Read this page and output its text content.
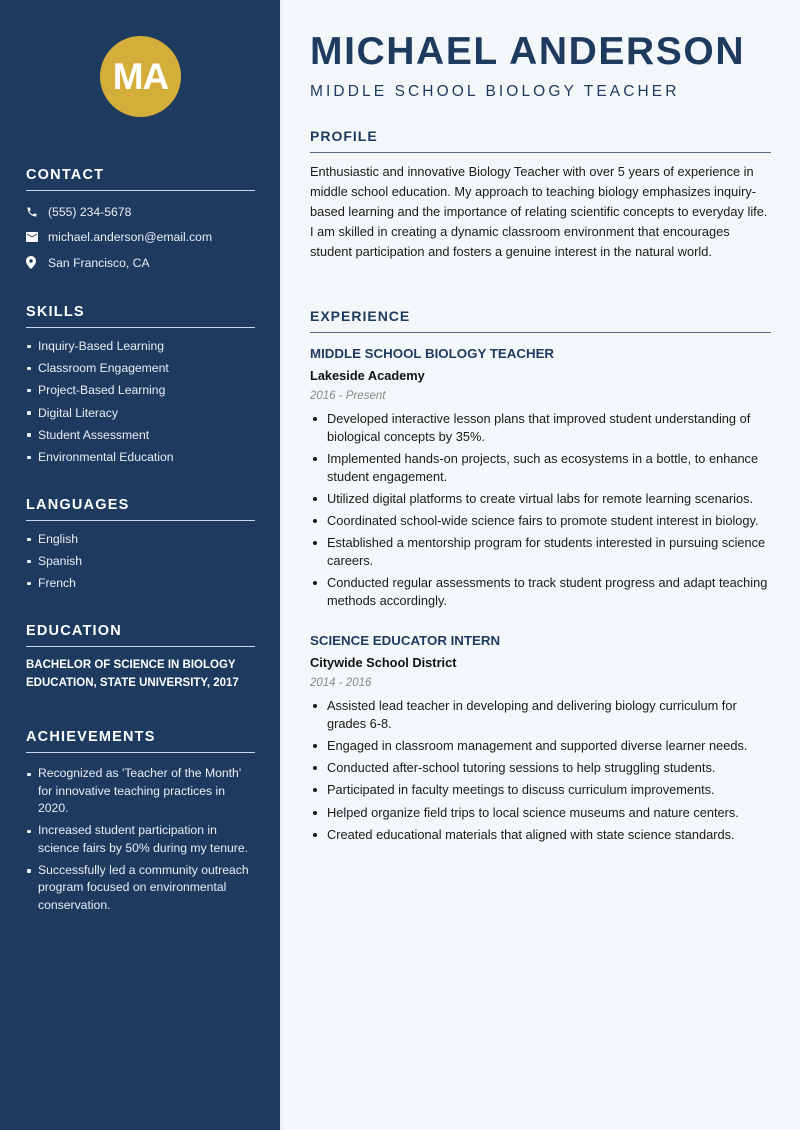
MA
CONTACT
(555) 234-5678
michael.anderson@email.com
San Francisco, CA
SKILLS
Inquiry-Based Learning
Classroom Engagement
Project-Based Learning
Digital Literacy
Student Assessment
Environmental Education
LANGUAGES
English
Spanish
French
EDUCATION

BACHELOR OF SCIENCE IN BIOLOGY EDUCATION, STATE UNIVERSITY, 2017

ACHIEVEMENTS
Recognized as 'Teacher of the Month' for innovative teaching practices in 2020.
Increased student participation in science fairs by 50% during my tenure.
Successfully led a community outreach program focused on environmental conservation.
MICHAEL ANDERSON
MIDDLE SCHOOL BIOLOGY TEACHER
PROFILE

Enthusiastic and innovative Biology Teacher with over 5 years of experience in middle school education. My approach to teaching biology emphasizes inquiry-based learning and the importance of relating scientific concepts to everyday life. I am skilled in creating a dynamic classroom environment that encourages student participation and fosters a genuine interest in the natural world.

EXPERIENCE
MIDDLE SCHOOL BIOLOGY TEACHER
Lakeside Academy
2016 - Present
Developed interactive lesson plans that improved student understanding of biological concepts by 35%.
Implemented hands-on projects, such as ecosystems in a bottle, to enhance student engagement.
Utilized digital platforms to create virtual labs for remote learning scenarios.
Coordinated school-wide science fairs to promote student interest in biology.
Established a mentorship program for students interested in pursuing science careers.
Conducted regular assessments to track student progress and adapt teaching methods accordingly.
SCIENCE EDUCATOR INTERN
Citywide School District
2014 - 2016
Assisted lead teacher in developing and delivering biology curriculum for grades 6-8.
Engaged in classroom management and supported diverse learner needs.
Conducted after-school tutoring sessions to help struggling students.
Participated in faculty meetings to discuss curriculum improvements.
Helped organize field trips to local science museums and nature centers.
Created educational materials that aligned with state science standards.
